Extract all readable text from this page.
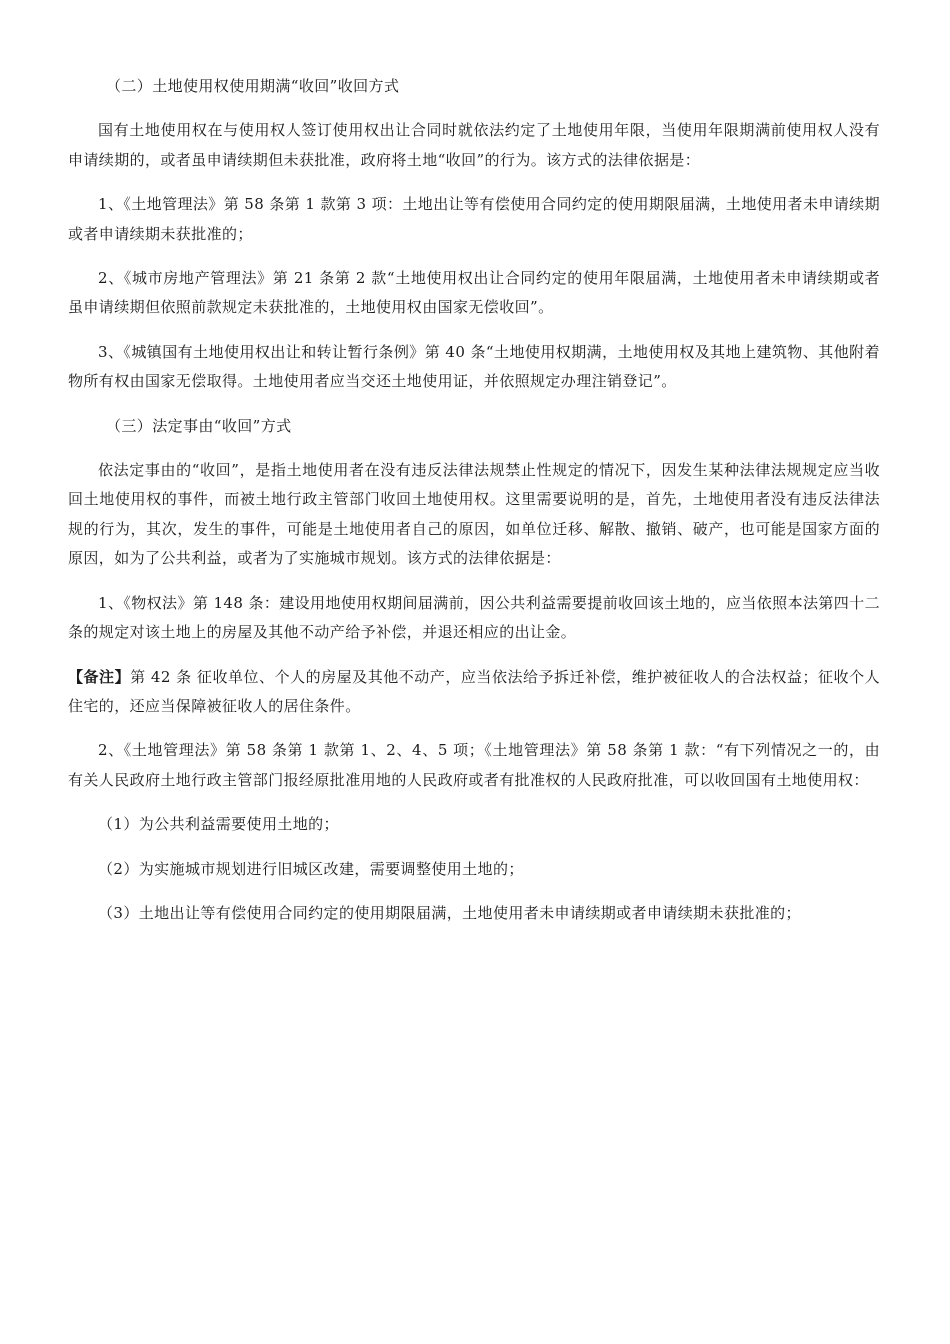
（二）土地使用权使用期满“收回”收回方式

国有土地使用权在与使用权人签订使用权出让合同时就依法约定了土地使用年限，当使用年限期满前使用权人没有申请续期的，或者虽申请续期但未获批准，政府将土地“收回”的行为。该方式的法律依据是：

1、《土地管理法》第 58 条第 1 款第 3 项：土地出让等有偿使用合同约定的使用期限届满，土地使用者未申请续期或者申请续期未获批准的；

2、《城市房地产管理法》第 21 条第 2 款“土地使用权出让合同约定的使用年限届满，土地使用者未申请续期或者虽申请续期但依照前款规定未获批准的，土地使用权由国家无偿收回”。

3、《城镇国有土地使用权出让和转让暂行条例》第 40 条“土地使用权期满，土地使用权及其地上建筑物、其他附着物所有权由国家无偿取得。土地使用者应当交还土地使用证，并依照规定办理注销登记”。

（三）法定事由“收回”方式

依法定事由的“收回”，是指土地使用者在没有违反法律法规禁止性规定的情况下，因发生某种法律法规规定应当收回土地使用权的事件，而被土地行政主管部门收回土地使用权。这里需要说明的是，首先，土地使用者没有违反法律法规的行为，其次，发生的事件，可能是土地使用者自己的原因，如单位迁移、解散、撤销、破产，也可能是国家方面的原因，如为了公共利益，或者为了实施城市规划。该方式的法律依据是：

1、《物权法》第 148 条：建设用地使用权期间届满前，因公共利益需要提前收回该土地的，应当依照本法第四十二条的规定对该土地上的房屋及其他不动产给予补偿，并退还相应的出让金。

【备注】第 42 条 征收单位、个人的房屋及其他不动产，应当依法给予拆迁补偿，维护被征收人的合法权益；征收个人住宅的，还应当保障被征收人的居住条件。

2、《土地管理法》第 58 条第 1 款第 1、2、4、5 项；《土地管理法》第 58 条第 1 款：“有下列情况之一的，由有关人民政府土地行政主管部门报经原批准用地的人民政府或者有批准权的人民政府批准，可以收回国有土地使用权：

（1）为公共利益需要使用土地的；

（2）为实施城市规划进行旧城区改建，需要调整使用土地的；

（3）土地出让等有偿使用合同约定的使用期限届满，土地使用者未申请续期或者申请续期未获批准的；
